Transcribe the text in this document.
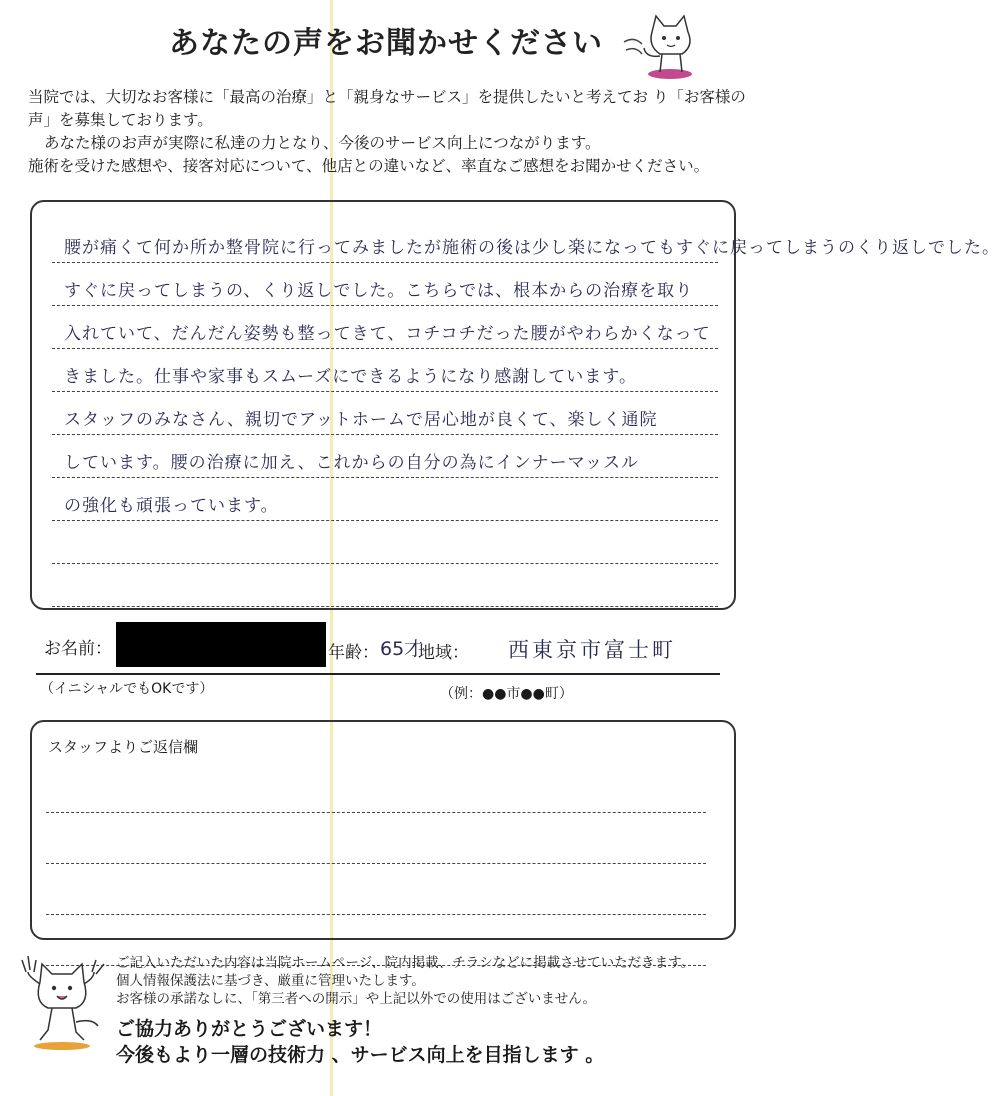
あなたの声をお聞かせください

当院では、大切なお客様に「最高の治療」と「親身なサービス」を提供したいと考えてお り「お客様の声」を募集しております。

あなた様のお声が実際に私達の力となり、今後のサービス向上につながります。

施術を受けた感想や、接客対応について、他店との違いなど、率直なご感想をお聞かせください。

腰が痛くて何か所か整骨院に行ってみましたが施術の後は少し楽になってもすぐに戻ってしまうのくり返しでした。
すぐに戻ってしまうの、くり返しでした。こちらでは、根本からの治療を取り
入れていて、だんだん姿勢も整ってきて、コチコチだった腰がやわらかくなって
きました。仕事や家事もスムーズにできるようになり感謝しています。
スタッフのみなさん、親切でアットホームで居心地が良くて、楽しく通院
しています。腰の治療に加え、これからの自分の為にインナーマッスル
の強化も頑張っています。
お名前：	年齢： 65才
地域： 西東京市富士町
（イニシャルでもOKです）	（例：●●市●●町）
スタッフよりご返信欄
ご記入いただいた内容は当院ホームページ、院内掲載、チラシなどに掲載させていただきます。
個人情報保護法に基づき、厳重に管理いたします。
お客様の承諾なしに、「第三者への開示」や上記以外での使用はございません。
ご協力ありがとうございます！
今後もより一層の技術力 、サービス向上を目指します 。
